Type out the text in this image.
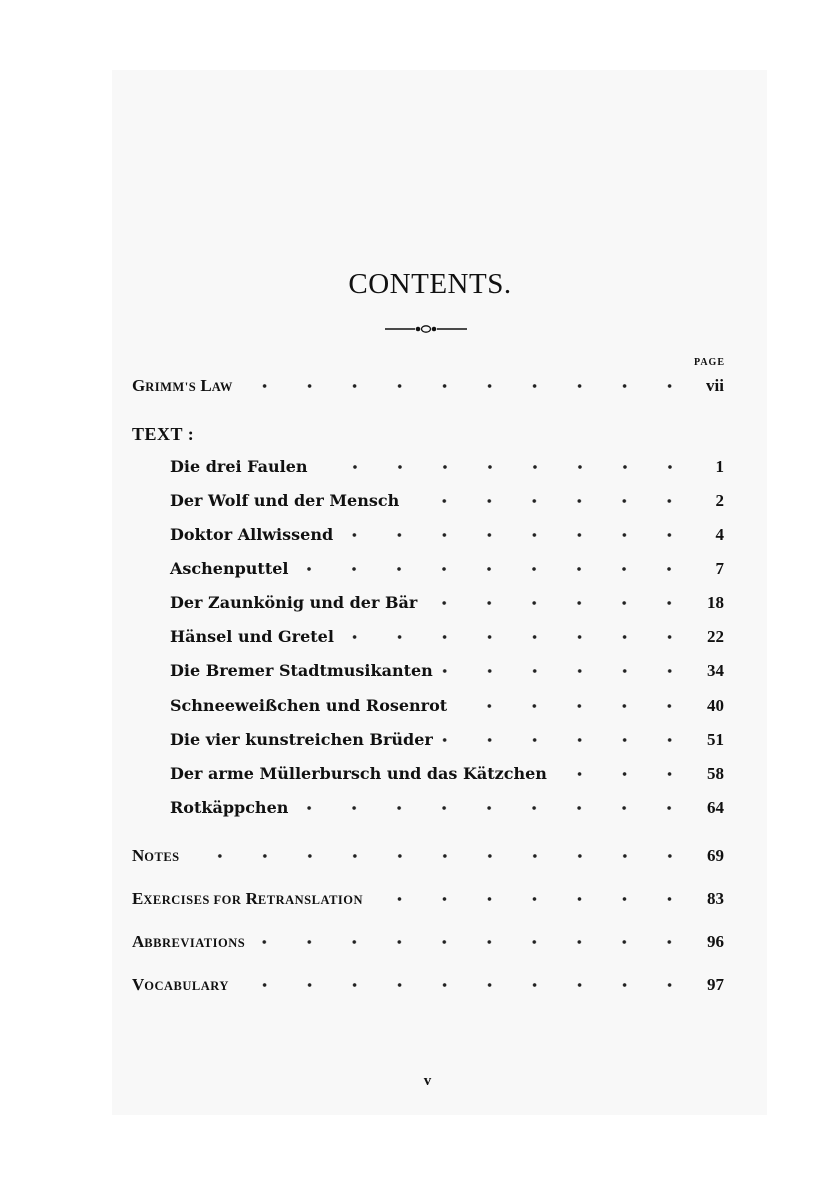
CONTENTS.
PAGE
GRIMM'S LAW	vii
TEXT :
Die drei Faulen	1
Der Wolf und der Mensch	2
Doktor Allwissend	4
Aschenputtel	7
Der Zaunkönig und der Bär	18
Hänsel und Gretel	22
Die Bremer Stadtmusikanten	34
Schneeweißchen und Rosenrot	40
Die vier kunstreichen Brüder	51
Der arme Müllerbursch und das Kätzchen	58
Rotkäppchen	64
NOTES	69
EXERCISES FOR RETRANSLATION	83
ABBREVIATIONS	96
VOCABULARY	97
v
